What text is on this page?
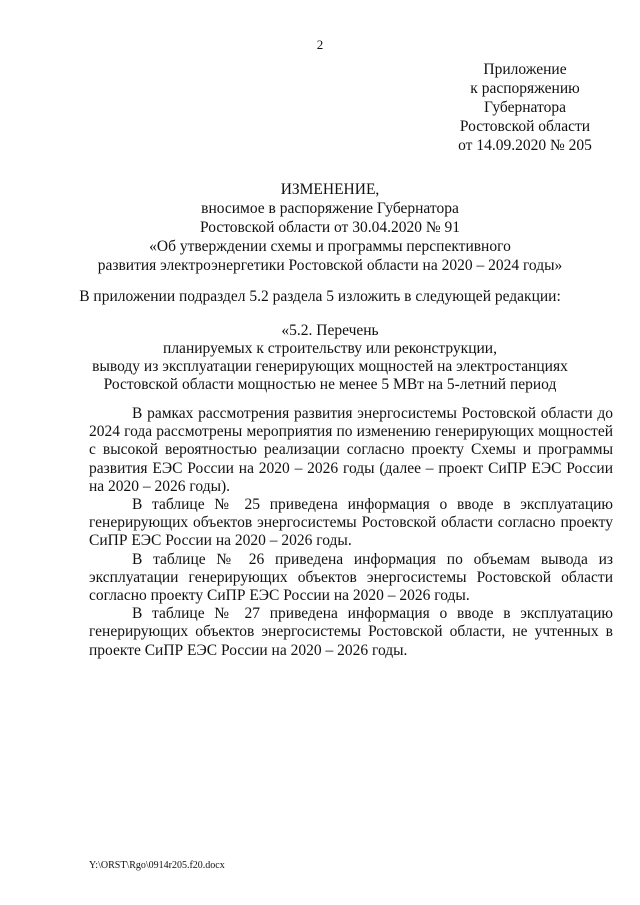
2
Приложение
к распоряжению
Губернатора
Ростовской области
от 14.09.2020 № 205
ИЗМЕНЕНИЕ,
вносимое в распоряжение Губернатора
Ростовской области от 30.04.2020 № 91
«Об утверждении схемы и программы перспективного
развития электроэнергетики Ростовской области на 2020 – 2024 годы»
В приложении подраздел 5.2 раздела 5 изложить в следующей редакции:
«5.2. Перечень
планируемых к строительству или реконструкции,
выводу из эксплуатации генерирующих мощностей на электростанциях
Ростовской области мощностью не менее 5 МВт на 5-летний период

В рамках рассмотрения развития энергосистемы Ростовской области до 2024 года рассмотрены мероприятия по изменению генерирующих мощностей с высокой вероятностью реализации согласно проекту Схемы и программы развития ЕЭС России на 2020 – 2026 годы (далее – проект СиПР ЕЭС России на 2020 – 2026 годы).

В таблице № 25 приведена информация о вводе в эксплуатацию генерирующих объектов энергосистемы Ростовской области согласно проекту СиПР ЕЭС России на 2020 – 2026 годы.

В таблице № 26 приведена информация по объемам вывода из эксплуатации генерирующих объектов энергосистемы Ростовской области согласно проекту СиПР ЕЭС России на 2020 – 2026 годы.

В таблице № 27 приведена информация о вводе в эксплуатацию генерирующих объектов энергосистемы Ростовской области, не учтенных в проекте СиПР ЕЭС России на 2020 – 2026 годы.

Y:\ORST\Rgo\0914r205.f20.docx
